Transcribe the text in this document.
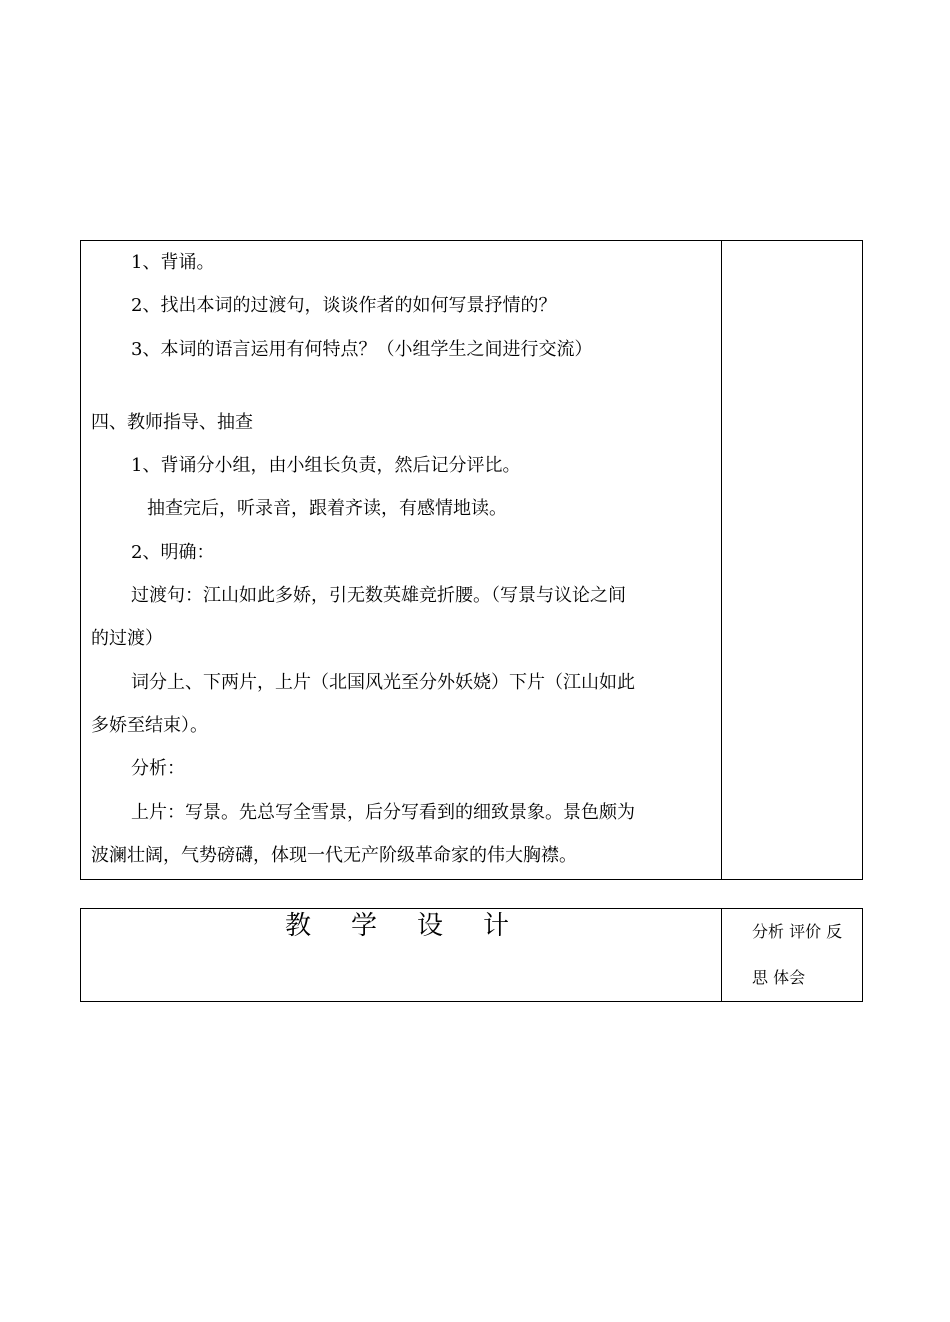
1、背诵。

2、找出本词的过渡句，谈谈作者的如何写景抒情的？

3、本词的语言运用有何特点？（小组学生之间进行交流）

四、教师指导、抽查

1、背诵分小组，由小组长负责，然后记分评比。

抽查完后，听录音，跟着齐读，有感情地读。

2、明确：

过渡句：江山如此多娇，引无数英雄竞折腰。（写景与议论之间

的过渡）

词分上、下两片，上片（北国风光至分外妖娆）下片（江山如此

多娇至结束）。

分析：

上片：写景。先总写全雪景，后分写看到的细致景象。景色颇为

波澜壮阔，气势磅礴，体现一代无产阶级革命家的伟大胸襟。

教学设计	分析 评价 反
思 体会
